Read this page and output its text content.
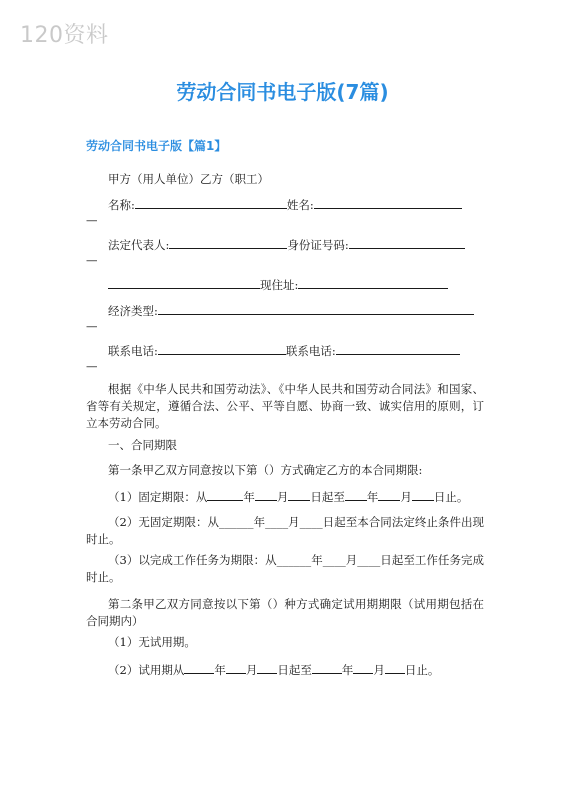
120资料
劳动合同书电子版(7篇)
劳动合同书电子版【篇1】
甲方（用人单位）乙方（职工）
名称:	姓名:
—
法定代表人:	身份证号码:
—
现住址:
经济类型:
—
联系电话:	联系电话:
—
根据《中华人民共和国劳动法》、《中华人民共和国劳动合同法》和国家、省等有关规定，遵循合法、公平、平等自愿、协商一致、诚实信用的原则，订立本劳动合同。
一、合同期限
第一条甲乙双方同意按以下第（）方式确定乙方的本合同期限:
（1）固定期限：从	年 月 日起至 年 月 日止。
（2）无固定期限：从______年____月____日起至本合同法定终止条件出现时止。
（3）以完成工作任务为期限：从______年____月____日起至工作任务完成时止。
第二条甲乙双方同意按以下第（）种方式确定试用期期限（试用期包括在合同期内）
（1）无试用期。
（2）试用期从	年 月 日起至	年 月 日止。
